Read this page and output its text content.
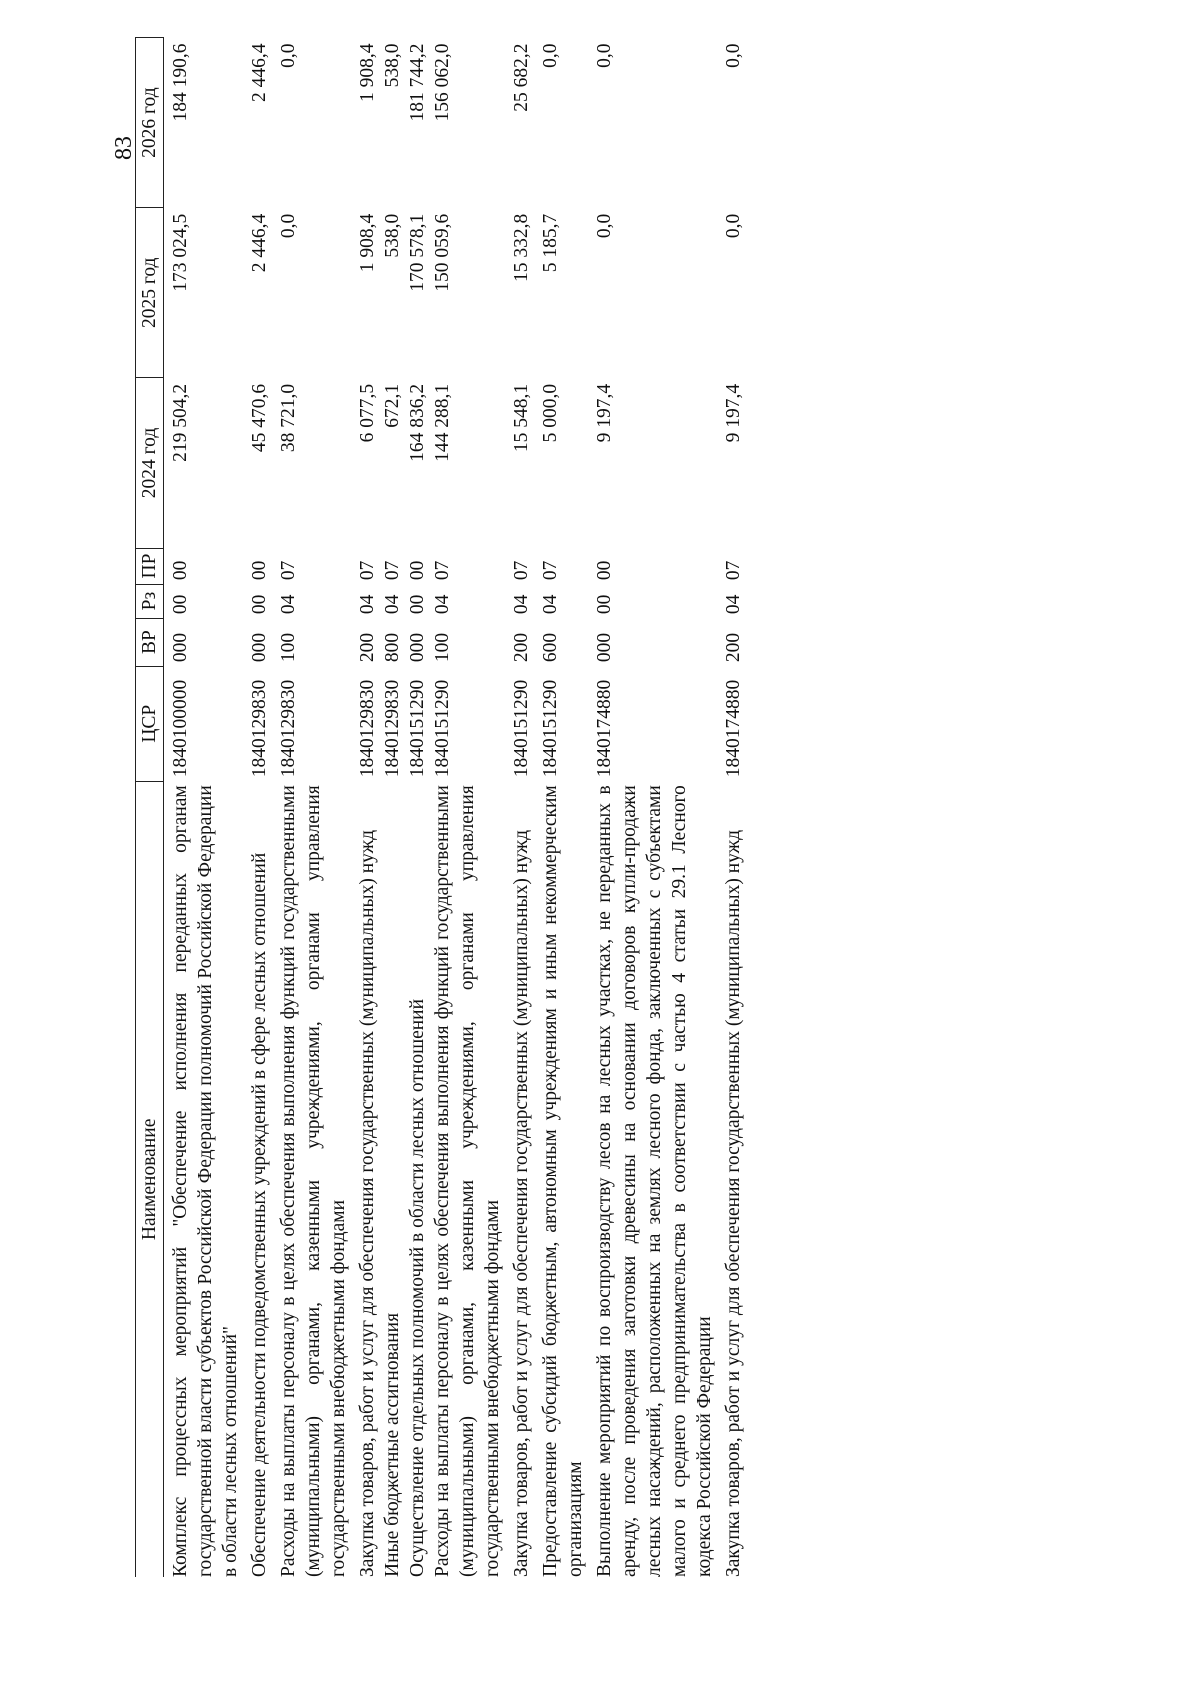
83
Наименование	ЦСР	ВР	Рз	ПР	2024 год	2025 год	2026 год
Комплекс процессных мероприятий "Обеспечение исполнения переданных органам государственной власти субъектов Российской Федерации полномочий Российской Федерации в области лесных отношений"	1840100000	000	00	00	219 504,2	173 024,5	184 190,6
Обеспечение деятельности подведомственных учреждений в сфере лесных отношений	1840129830	000	00	00	45 470,6	2 446,4	2 446,4
Расходы на выплаты персоналу в целях обеспечения выполнения функций государственными (муниципальными) органами, казенными учреждениями, органами управления государственными внебюджетными фондами	1840129830	100	04	07	38 721,0	0,0	0,0
Закупка товаров, работ и услуг для обеспечения государственных (муниципальных) нужд	1840129830	200	04	07	6 077,5	1 908,4	1 908,4
Иные бюджетные ассигнования	1840129830	800	04	07	672,1	538,0	538,0
Осуществление отдельных полномочий в области лесных отношений	1840151290	000	00	00	164 836,2	170 578,1	181 744,2
Расходы на выплаты персоналу в целях обеспечения выполнения функций государственными (муниципальными) органами, казенными учреждениями, органами управления государственными внебюджетными фондами	1840151290	100	04	07	144 288,1	150 059,6	156 062,0
Закупка товаров, работ и услуг для обеспечения государственных (муниципальных) нужд	1840151290	200	04	07	15 548,1	15 332,8	25 682,2
Предоставление субсидий бюджетным, автономным учреждениям и иным некоммерческим организациям	1840151290	600	04	07	5 000,0	5 185,7	0,0
Выполнение мероприятий по воспроизводству лесов на лесных участках, не переданных в аренду, после проведения заготовки древесины на основании договоров купли-продажи лесных насаждений, расположенных на землях лесного фонда, заключенных с субъектами малого и среднего предпринимательства в соответствии с частью 4 статьи 29.1 Лесного кодекса Российской Федерации	1840174880	000	00	00	9 197,4	0,0	0,0
Закупка товаров, работ и услуг для обеспечения государственных (муниципальных) нужд	1840174880	200	04	07	9 197,4	0,0	0,0
